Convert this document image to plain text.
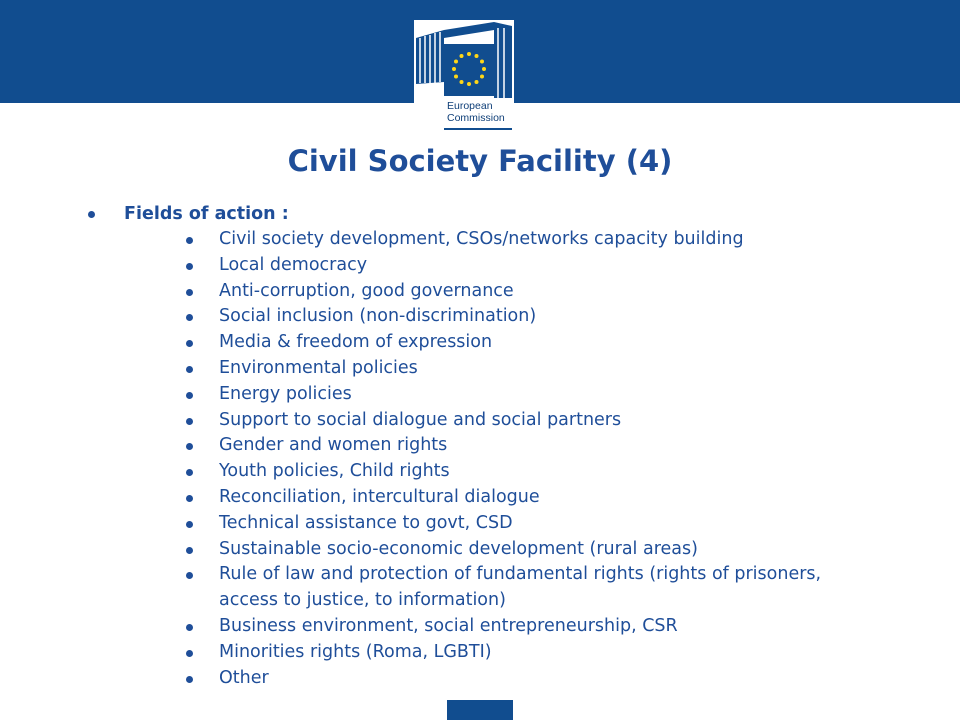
European
Commission
Civil Society Facility (4)
Fields of action :
Civil society development, CSOs/networks capacity building
Local democracy
Anti-corruption, good governance
Social inclusion (non-discrimination)
Media & freedom of expression
Environmental policies
Energy policies
Support to social dialogue and social partners
Gender and women rights
Youth policies, Child rights
Reconciliation, intercultural dialogue
Technical assistance to govt, CSD
Sustainable socio-economic development (rural areas)
Rule of law and protection of fundamental rights (rights of prisoners, access to justice, to information)
Business environment, social entrepreneurship, CSR
Minorities rights (Roma, LGBTI)
Other
